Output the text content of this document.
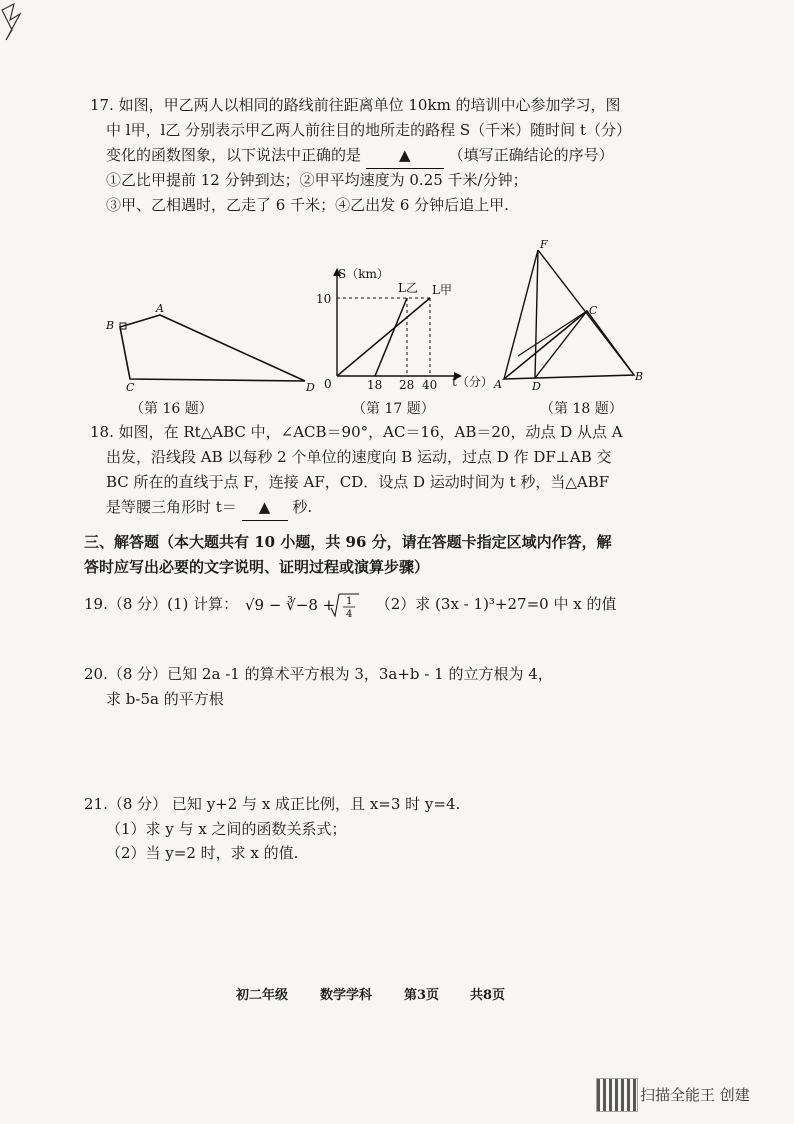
17. 如图，甲乙两人以相同的路线前往距离单位 10km 的培训中心参加学习，图
中 l甲，l乙 分别表示甲乙两人前往目的地所走的路程 S（千米）随时间 t（分）
变化的函数图象，以下说法中正确的是	▲	（填写正确结论的序号）
①乙比甲提前 12 分钟到达；②甲平均速度为 0.25 千米/分钟；
③甲、乙相遇时，乙走了 6 千米；④乙出发 6 分钟后追上甲.
A
B
C	D
（第 16 题）
S（km）
t（分）
0
10
18 28 40
L乙 L甲
（第 17 题）
F
C
A	D
B
（第 18 题）
18. 如图，在 Rt△ABC 中，∠ACB＝90°，AC＝16，AB＝20，动点 D 从点 A
出发，沿线段 AB 以每秒 2 个单位的速度向 B 运动，过点 D 作 DF⊥AB 交
BC 所在的直线于点 F，连接 AF，CD．设点 D 运动时间为 t 秒，当△ABF
是等腰三角形时 t＝ ▲ 秒.
三、解答题（本大题共有 10 小题，共 96 分，请在答题卡指定区域内作答，解
答时应写出必要的文字说明、证明过程或演算步骤）
19.（8 分）(1) 计算： √9 − ∛−8 + 1
4
（2）求 (3x - 1)³+27=0 中 x 的值
20.（8 分）已知 2a -1 的算术平方根为 3，3a+b - 1 的立方根为 4，
求 b-5a 的平方根
21.（8 分） 已知 y+2 与 x 成正比例，且 x=3 时 y=4.
（1）求 y 与 x 之间的函数关系式；
（2）当 y=2 时，求 x 的值.
初二年级 数学学科 第3页 共8页
扫描全能王 创建
